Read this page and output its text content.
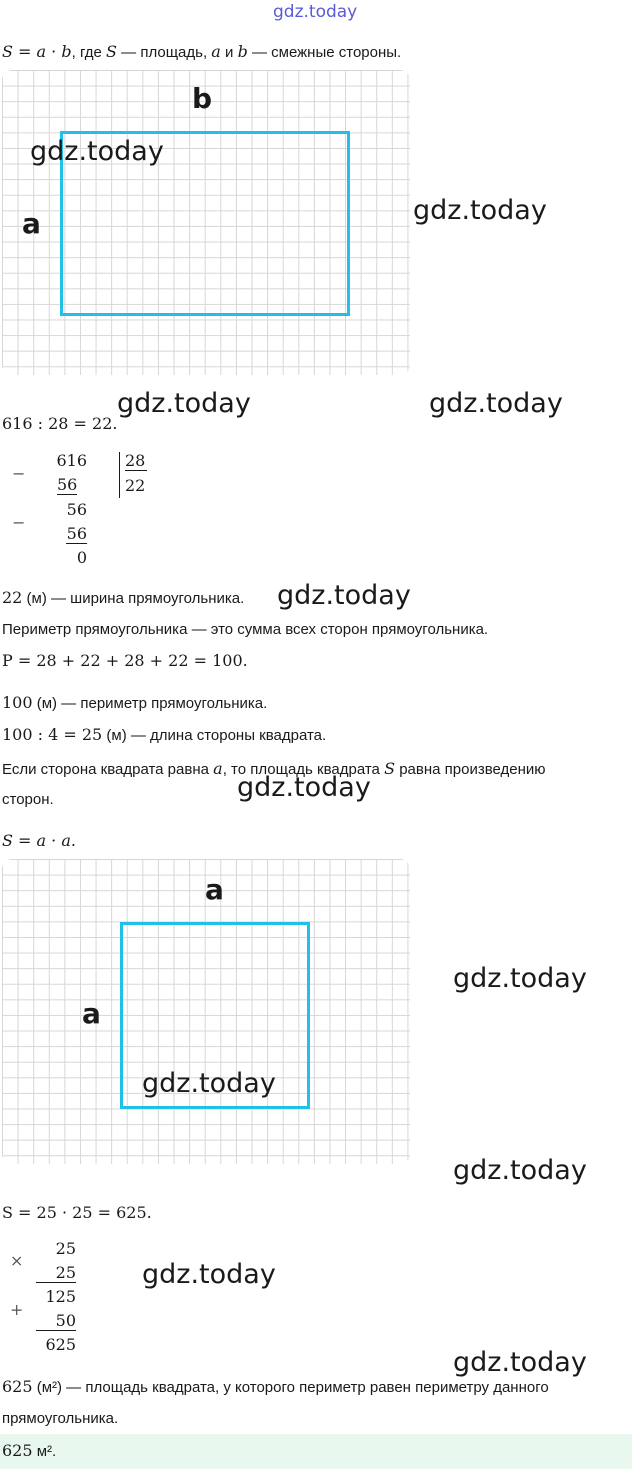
gdz.today
S = a · b, где S — площадь, a и b — смежные стороны.
b
a
gdz.today
gdz.today
616 : 28 = 22.
gdz.today	gdz.today
−
−
616
56
56
56
0
28
22
22 (м) — ширина прямоугольника. gdz.today
Периметр прямоугольника — это сумма всех сторон прямоугольника.
P = 28 + 22 + 28 + 22 = 100.
100 (м) — периметр прямоугольника.
100 : 4 = 25 (м) — длина стороны квадрата.
Если сторона квадрата равна a, то площадь квадрата S равна произведению
сторон.	gdz.today
S = a · a.
a
a
gdz.today
gdz.today
gdz.today
S = 25 · 25 = 625.
×
+
25
25
125
50
625
gdz.today
gdz.today
625 (м²) — площадь квадрата, у которого периметр равен периметру данного
прямоугольника.
625 м².
